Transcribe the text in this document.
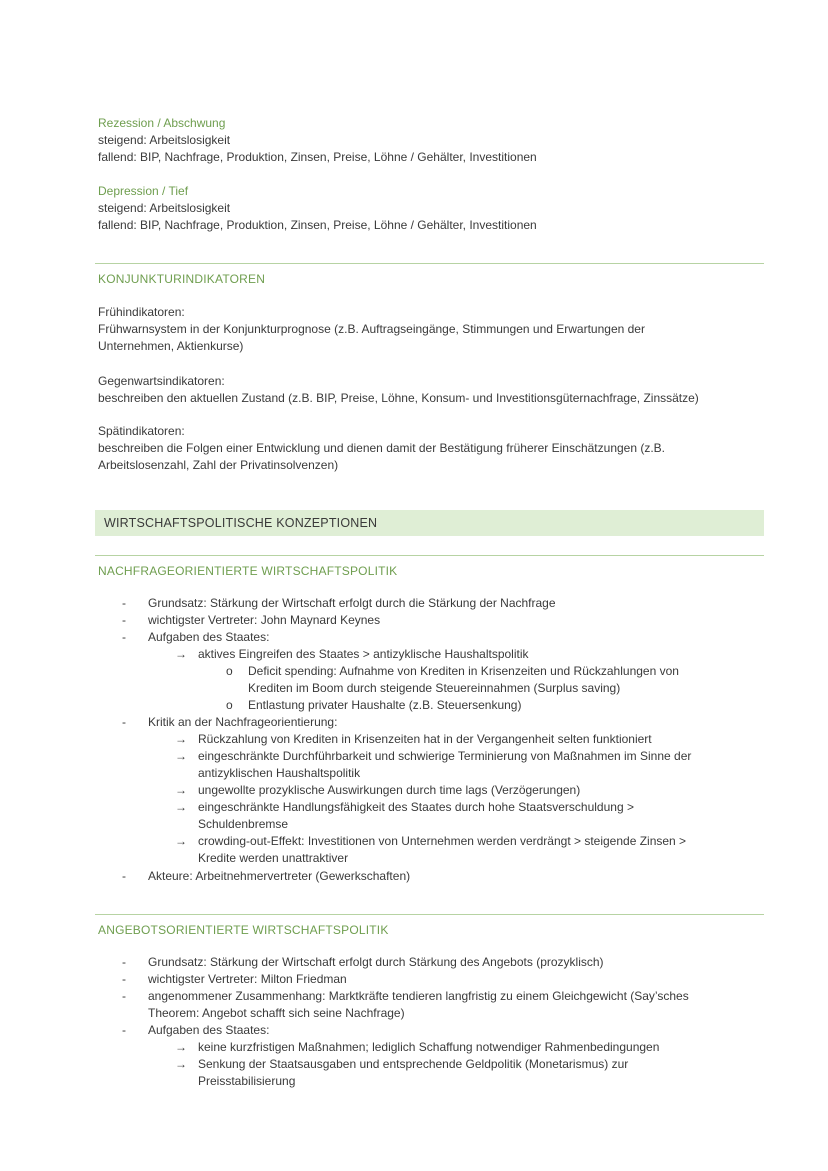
Rezession / Abschwung
steigend: Arbeitslosigkeit
fallend: BIP, Nachfrage, Produktion, Zinsen, Preise, Löhne / Gehälter, Investitionen
Depression / Tief
steigend: Arbeitslosigkeit
fallend: BIP, Nachfrage, Produktion, Zinsen, Preise, Löhne / Gehälter, Investitionen
KONJUNKTURINDIKATOREN
Frühindikatoren:
Frühwarnsystem in der Konjunkturprognose (z.B. Auftragseingänge, Stimmungen und Erwartungen der
Unternehmen, Aktienkurse)
Gegenwartsindikatoren:
beschreiben den aktuellen Zustand (z.B. BIP, Preise, Löhne, Konsum- und Investitionsgüternachfrage, Zinssätze)
Spätindikatoren:
beschreiben die Folgen einer Entwicklung und dienen damit der Bestätigung früherer Einschätzungen (z.B.
Arbeitslosenzahl, Zahl der Privatinsolvenzen)
WIRTSCHAFTSPOLITISCHE KONZEPTIONEN
NACHFRAGEORIENTIERTE WIRTSCHAFTSPOLITIK
- Grundsatz: Stärkung der Wirtschaft erfolgt durch die Stärkung der Nachfrage
- wichtigster Vertreter: John Maynard Keynes
- Aufgaben des Staates:
→ aktives Eingreifen des Staates > antizyklische Haushaltspolitik
o Deficit spending: Aufnahme von Krediten in Krisenzeiten und Rückzahlungen von
Krediten im Boom durch steigende Steuereinnahmen (Surplus saving)
o Entlastung privater Haushalte (z.B. Steuersenkung)
- Kritik an der Nachfrageorientierung:
→ Rückzahlung von Krediten in Krisenzeiten hat in der Vergangenheit selten funktioniert
→ eingeschränkte Durchführbarkeit und schwierige Terminierung von Maßnahmen im Sinne der
antizyklischen Haushaltspolitik
→ ungewollte prozyklische Auswirkungen durch time lags (Verzögerungen)
→ eingeschränkte Handlungsfähigkeit des Staates durch hohe Staatsverschuldung >
Schuldenbremse
→ crowding-out-Effekt: Investitionen von Unternehmen werden verdrängt > steigende Zinsen >
Kredite werden unattraktiver
- Akteure: Arbeitnehmervertreter (Gewerkschaften)
ANGEBOTSORIENTIERTE WIRTSCHAFTSPOLITIK
- Grundsatz: Stärkung der Wirtschaft erfolgt durch Stärkung des Angebots (prozyklisch)
- wichtigster Vertreter: Milton Friedman
- angenommener Zusammenhang: Marktkräfte tendieren langfristig zu einem Gleichgewicht (Say’sches
Theorem: Angebot schafft sich seine Nachfrage)
- Aufgaben des Staates:
→ keine kurzfristigen Maßnahmen; lediglich Schaffung notwendiger Rahmenbedingungen
→ Senkung der Staatsausgaben und entsprechende Geldpolitik (Monetarismus) zur
Preisstabilisierung
